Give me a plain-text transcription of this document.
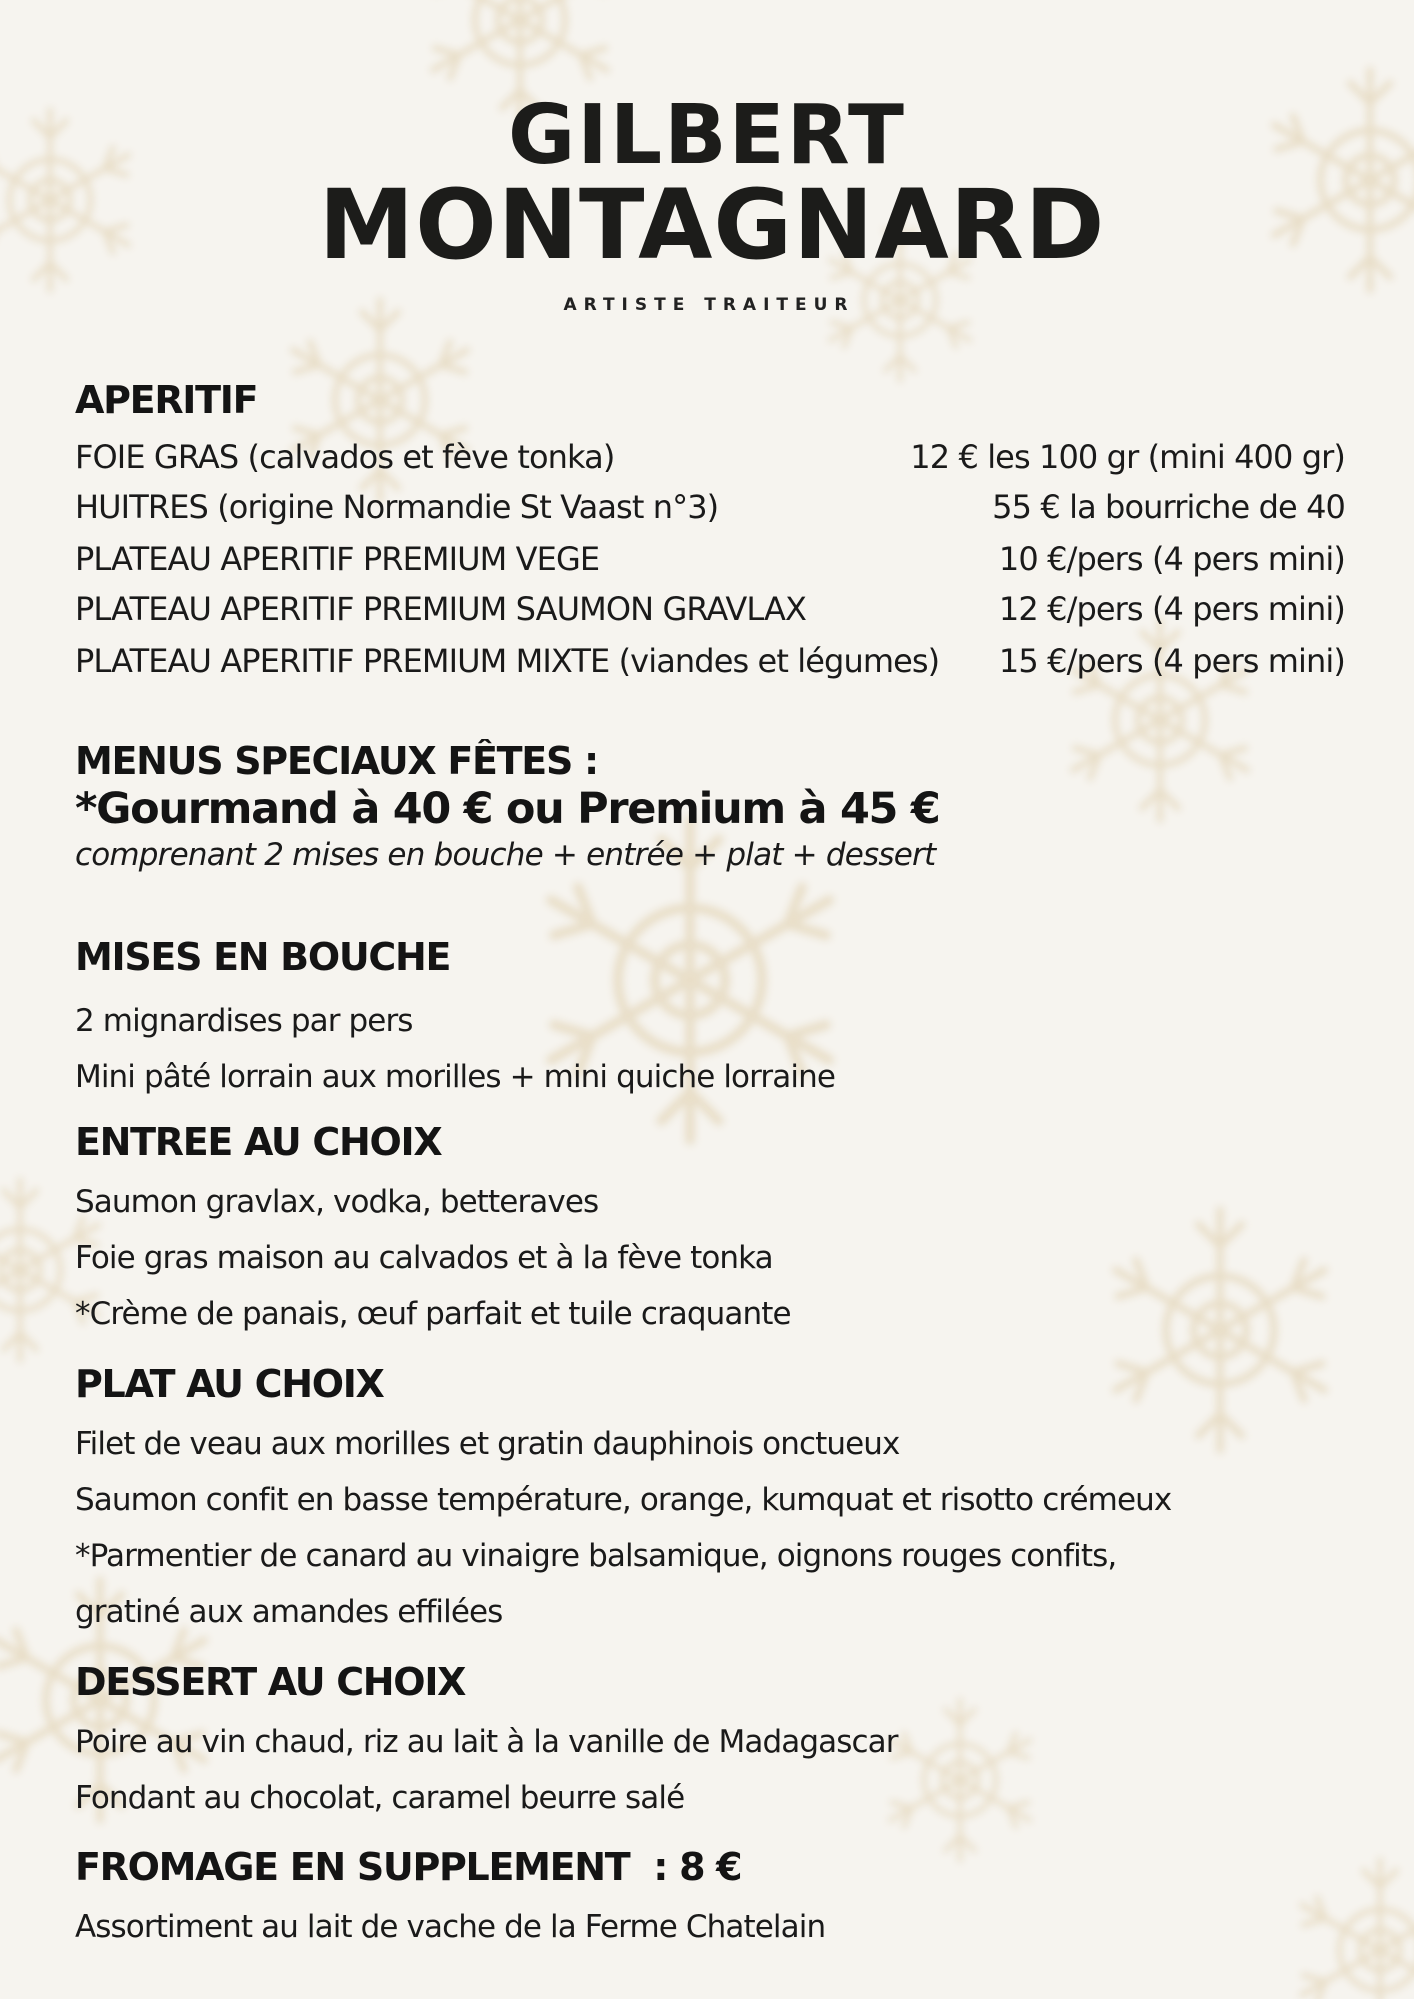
GILBERT
MONTAGNARD
ARTISTE TRAITEUR
APERITIF
FOIE GRAS (calvados et fève tonka)	12 € les 100 gr (mini 400 gr)
HUITRES (origine Normandie St Vaast n°3)	55 € la bourriche de 40
PLATEAU APERITIF PREMIUM VEGE	10 €/pers (4 pers mini)
PLATEAU APERITIF PREMIUM SAUMON GRAVLAX	12 €/pers (4 pers mini)
PLATEAU APERITIF PREMIUM MIXTE (viandes et légumes) 15 €/pers (4 pers mini)
MENUS SPECIAUX FÊTES :
*Gourmand à 40 € ou Premium à 45 €
comprenant 2 mises en bouche + entrée + plat + dessert
MISES EN BOUCHE
2 mignardises par pers
Mini pâté lorrain aux morilles + mini quiche lorraine
ENTREE AU CHOIX
Saumon gravlax, vodka, betteraves
Foie gras maison au calvados et à la fève tonka
*Crème de panais, œuf parfait et tuile craquante
PLAT AU CHOIX
Filet de veau aux morilles et gratin dauphinois onctueux
Saumon confit en basse température, orange, kumquat et risotto crémeux
*Parmentier de canard au vinaigre balsamique, oignons rouges confits,
gratiné aux amandes effilées
DESSERT AU CHOIX
Poire au vin chaud, riz au lait à la vanille de Madagascar
Fondant au chocolat, caramel beurre salé
FROMAGE EN SUPPLEMENT  : 8 €
Assortiment au lait de vache de la Ferme Chatelain
